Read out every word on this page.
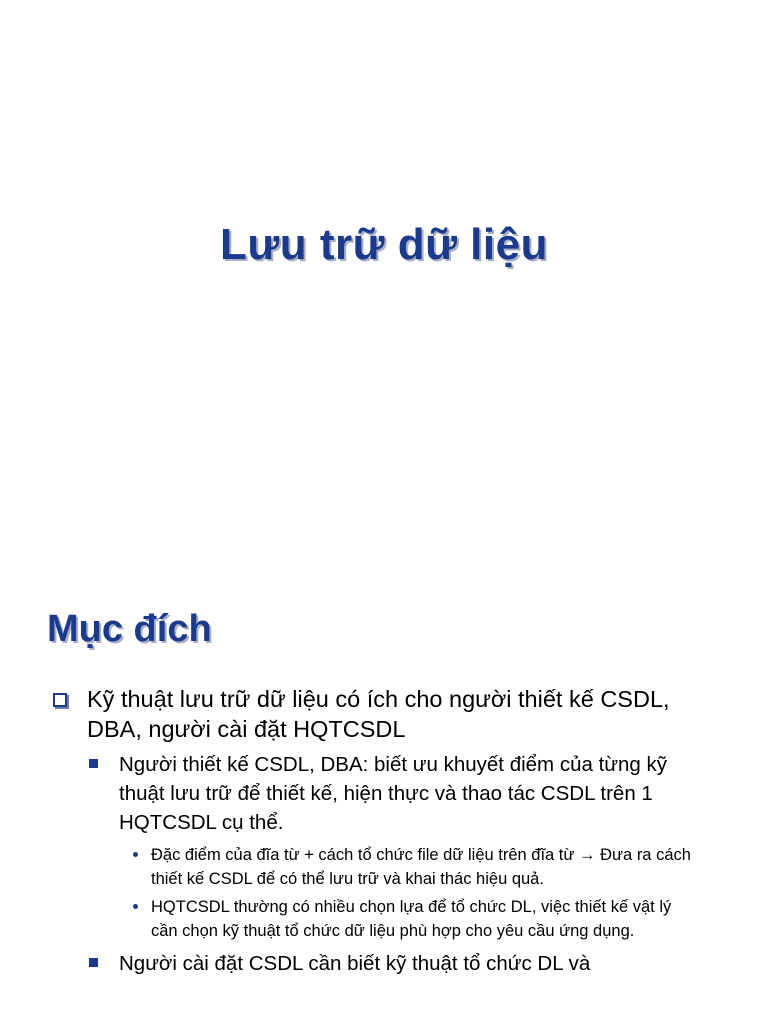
Lưu trữ dữ liệu
Mục đích
Kỹ thuật lưu trữ dữ liệu có ích cho người thiết kế CSDL, DBA, người cài đặt HQTCSDL
Người thiết kế CSDL, DBA: biết ưu khuyết điểm của từng kỹ thuật lưu trữ để thiết kế, hiện thực và thao tác CSDL trên 1 HQTCSDL cụ thể.
Đặc điểm của đĩa từ + cách tổ chức file dữ liệu trên đĩa từ → Đưa ra cách thiết kế CSDL để có thể lưu trữ và khai thác hiệu quả.
HQTCSDL thường có nhiều chọn lựa để tổ chức DL, việc thiết kế vật lý cần chọn kỹ thuật tổ chức dữ liệu phù hợp cho yêu cầu ứng dụng.
Người cài đặt CSDL cần biết kỹ thuật tổ chức DL và
